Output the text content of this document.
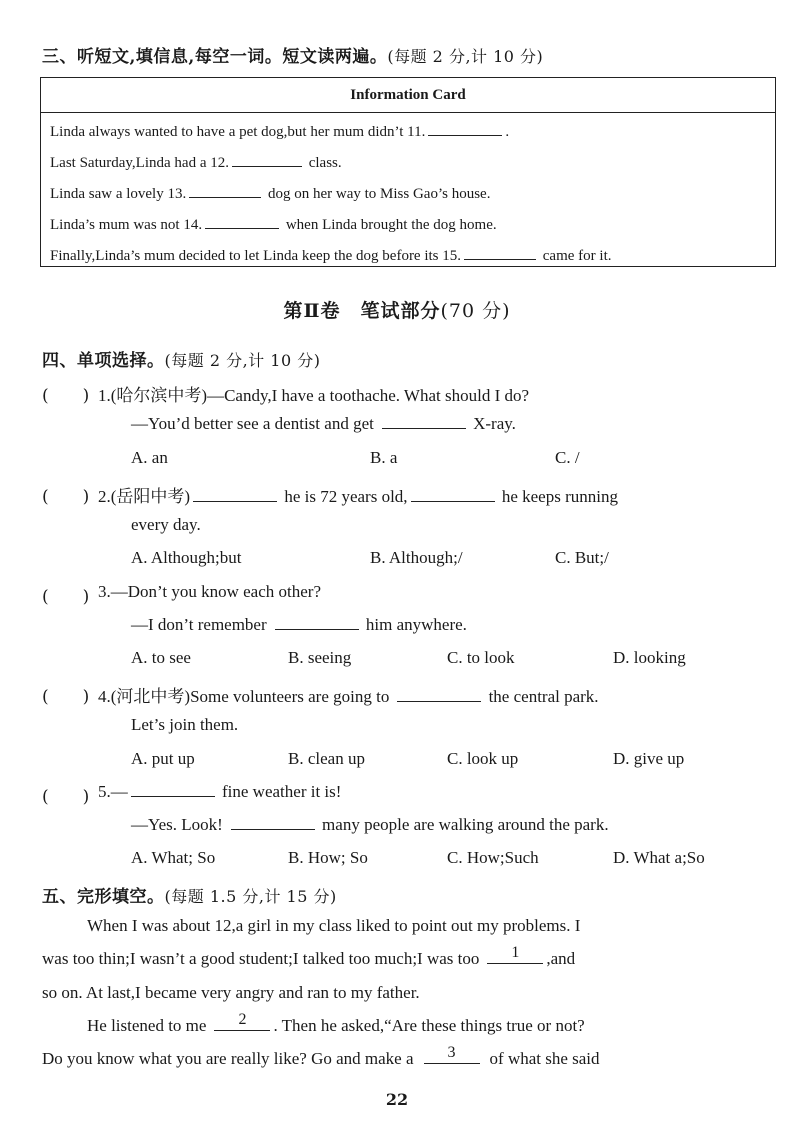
三、听短文,填信息,每空一词。短文读两遍。(每题 2 分,计 10 分)
Information Card
Linda always wanted to have a pet dog,but her mum didn’t 11.	.
Last Saturday,Linda had a 12.	class.
Linda saw a lovely 13.	dog on her way to Miss Gao’s house.
Linda’s mum was not 14.	when Linda brought the dog home.
Finally,Linda’s mum decided to let Linda keep the dog before its 15.	came for it.
第Ⅱ卷　笔试部分(70 分)
四、单项选择。(每题 2 分,计 10 分)
(　　) 1.(哈尔滨中考)—Candy,I have a toothache. What should I do?
—You’d better see a dentist and get	X-ray.
A. an	B. a	C. /
(　　) 2.(岳阳中考)	he is 72 years old,	he keeps running
every day.
A. Although;but	B. Although;/	C. But;/
(　　) 3.—Don’t you know each other?
—I don’t remember	him anywhere.
A. to see	B. seeing	C. to look	D. looking
(　　) 4.(河北中考)Some volunteers are going to	the central park.
Let’s join them.
A. put up	B. clean up	C. look up	D. give up
(　　) 5.—	fine weather it is!
—Yes. Look!	many people are walking around the park.
A. What; So	B. How; So	C. How;Such	D. What a;So
五、完形填空。(每题 1.5 分,计 15 分)
When I was about 12,a girl in my class liked to point out my problems. I
was too thin;I wasn’t a good student;I talked too much;I was too	1	,and
so on. At last,I became very angry and ran to my father.
He listened to me	2	. Then he asked,“Are these things true or not?
Do you know what you are really like? Go and make a	3	of what she said
22
